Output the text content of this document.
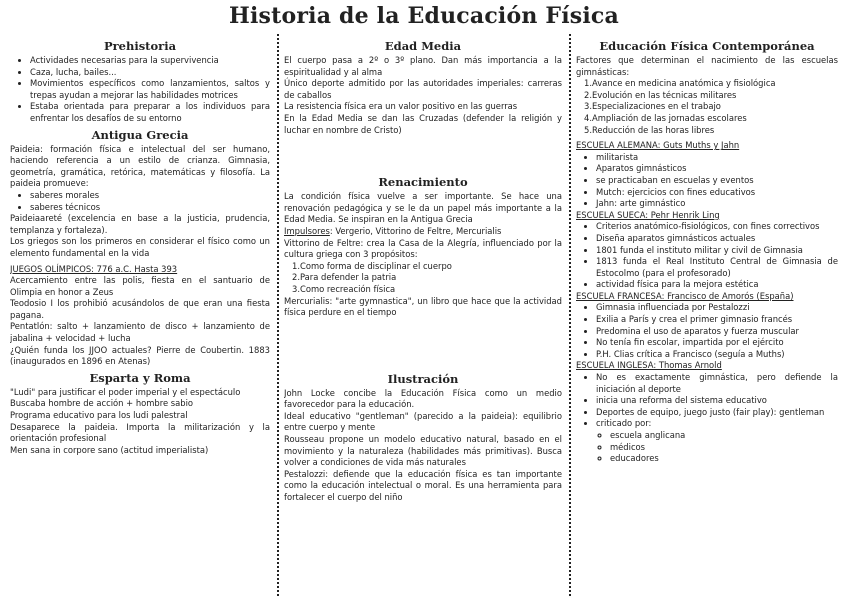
Historia de la Educación Física
Prehistoria
• Actividades necesarias para la supervivencia
• Caza, lucha, bailes...
• Movimientos específicos como lanzamientos, saltos y trepas ayudan a mejorar las habilidades motrices
• Estaba orientada para preparar a los individuos para enfrentar los desafíos de su entorno
Antigua Grecia

Paideia: formación física e intelectual del ser humano, haciendo referencia a un estilo de crianza. Gimnasia, geometría, gramática, retórica, matemáticas y filosofía. La paideia promueve:

• saberes morales
• saberes técnicos

Paideiaareté (excelencia en base a la justicia, prudencia, templanza y fortaleza).

Los griegos son los primeros en considerar el físico como un elemento fundamental en la vida

JUEGOS OLÍMPICOS: 776 a.C. Hasta 393

Acercamiento entre las polis, fiesta en el santuario de Olimpia en honor a Zeus

Teodosio I los prohibió acusándolos de que eran una fiesta pagana.

Pentatlón: salto + lanzamiento de disco + lanzamiento de jabalina + velocidad + lucha

¿Quién funda los JJOO actuales? Pierre de Coubertin. 1883 (inaugurados en 1896 en Atenas)

Esparta y Roma

"Ludi" para justificar el poder imperial y el espectáculo

Buscaba hombre de acción + hombre sabio

Programa educativo para los ludi palestral

Desaparece la paideia. Importa la militarización y la orientación profesional

Men sana in corpore sano (actitud imperialista)

Edad Media

El cuerpo pasa a 2º o 3º plano. Dan más importancia a la espiritualidad y al alma

Único deporte admitido por las autoridades imperiales: carreras de caballos

La resistencia física era un valor positivo en las guerras

En la Edad Media se dan las Cruzadas (defender la religión y luchar en nombre de Cristo)

Renacimiento

La condición física vuelve a ser importante. Se hace una renovación pedagógica y se le da un papel más importante a la Edad Media. Se inspiran en la Antigua Grecia

Impulsores: Vergerio, Vittorino de Feltre, Mercurialis

Vittorino de Feltre: crea la Casa de la Alegría, influenciado por la cultura griega con 3 propósitos:

1.Como forma de disciplinar el cuerpo

2.Para defender la patria

3.Como recreación física

Mercurialis: "arte gymnastica", un libro que hace que la actividad física perdure en el tiempo

Ilustración

John Locke concibe la Educación Física como un medio favorecedor para la educación.

Ideal educativo "gentleman" (parecido a la paideia): equilibrio entre cuerpo y mente

Rousseau propone un modelo educativo natural, basado en el movimiento y la naturaleza (habilidades más primitivas). Busca volver a condiciones de vida más naturales

Pestalozzi: defiende que la educación física es tan importante como la educación intelectual o moral. Es una herramienta para fortalecer el cuerpo del niño

Educación Física Contemporánea

Factores que determinan el nacimiento de las escuelas gimnásticas:

1.Avance en medicina anatómica y fisiológica

2.Evolución en las técnicas militares

3.Especializaciones en el trabajo

4.Ampliación de las jornadas escolares

5.Reducción de las horas libres

ESCUELA ALEMANA: Guts Muths y Jahn

• militarista
• Aparatos gimnásticos
• se practicaban en escuelas y eventos
• Mutch: ejercicios con fines educativos
• Jahn: arte gimnástico

ESCUELA SUECA: Pehr Henrik Ling

• Criterios anatómico-fisiológicos, con fines correctivos
• Diseña aparatos gimnásticos actuales
• 1801 funda el instituto militar y civil de Gimnasia
• 1813 funda el Real Instituto Central de Gimnasia de Estocolmo (para el profesorado)
• actividad física para la mejora estética

ESCUELA FRANCESA: Francisco de Amorós (España)

• Gimnasia influenciada por Pestalozzi
• Exilia a París y crea el primer gimnasio francés
• Predomina el uso de aparatos y fuerza muscular
• No tenía fin escolar, impartida por el ejército
• P.H. Clias crítica a Francisco (seguía a Muths)

ESCUELA INGLESA: Thomas Arnold

• No es exactamente gimnástica, pero defiende la iniciación al deporte
• inicia una reforma del sistema educativo
• Deportes de equipo, juego justo (fair play): gentleman
• criticado por:
◦ escuela anglicana
◦ médicos
◦ educadores
